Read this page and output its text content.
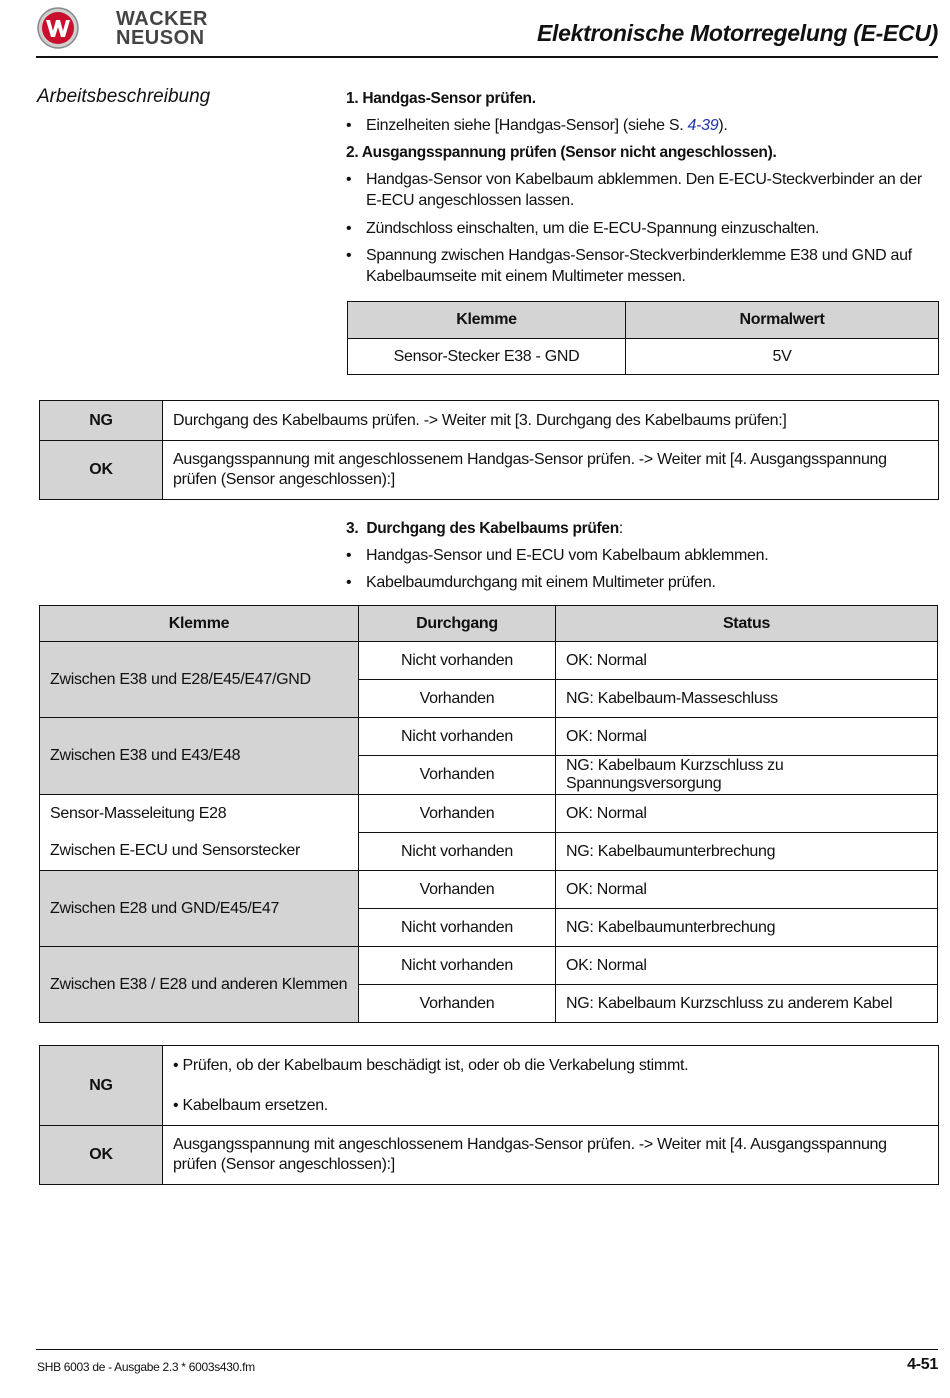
WACKER
NEUSON	Elektronische Motorregelung (E-ECU)
Arbeitsbeschreibung	1. Handgas-Sensor prüfen.
• Einzelheiten siehe [Handgas-Sensor] (siehe S. 4-39).
2. Ausgangsspannung prüfen (Sensor nicht angeschlossen).
• Handgas-Sensor von Kabelbaum abklemmen. Den E-ECU-Steckverbinder an der E-ECU angeschlossen lassen.
• Zündschloss einschalten, um die E-ECU-Spannung einzuschalten.
• Spannung zwischen Handgas-Sensor-Steckverbinderklemme E38 und GND auf Kabelbaumseite mit einem Multimeter messen.
Klemme	Normalwert
Sensor-Stecker E38 - GND	5V
NG	Durchgang des Kabelbaums prüfen. -> Weiter mit [3. Durchgang des Kabelbaums prüfen:]
OK	Ausgangsspannung mit angeschlossenem Handgas-Sensor prüfen. -> Weiter mit [4. Ausgangsspannung prüfen (Sensor angeschlossen):]
3. Durchgang des Kabelbaums prüfen:
• Handgas-Sensor und E-ECU vom Kabelbaum abklemmen.
• Kabelbaumdurchgang mit einem Multimeter prüfen.
Klemme	Durchgang	Status
Zwischen E38 und E28/E45/E47/GND	Nicht vorhanden	OK: Normal
	Vorhanden	NG: Kabelbaum-Masseschluss
Zwischen E38 und E43/E48	Nicht vorhanden	OK: Normal
	Vorhanden	NG: Kabelbaum Kurzschluss zu Spannungsversorgung
Sensor-Masseleitung E28	Vorhanden	OK: Normal
Zwischen E-ECU und Sensorstecker	Nicht vorhanden	NG: Kabelbaumunterbrechung
Zwischen E28 und GND/E45/E47	Vorhanden	OK: Normal
	Nicht vorhanden	NG: Kabelbaumunterbrechung
Zwischen E38 / E28 und anderen Klemmen	Nicht vorhanden	OK: Normal
	Vorhanden	NG: Kabelbaum Kurzschluss zu anderem Kabel
NG	• Prüfen, ob der Kabelbaum beschädigt ist, oder ob die Verkabelung stimmt.
• Kabelbaum ersetzen.

OK	Ausgangsspannung mit angeschlossenem Handgas-Sensor prüfen. -> Weiter mit [4. Ausgangsspannung prüfen (Sensor angeschlossen):]
SHB 6003 de - Ausgabe 2.3 * 6003s430.fm	4-51
